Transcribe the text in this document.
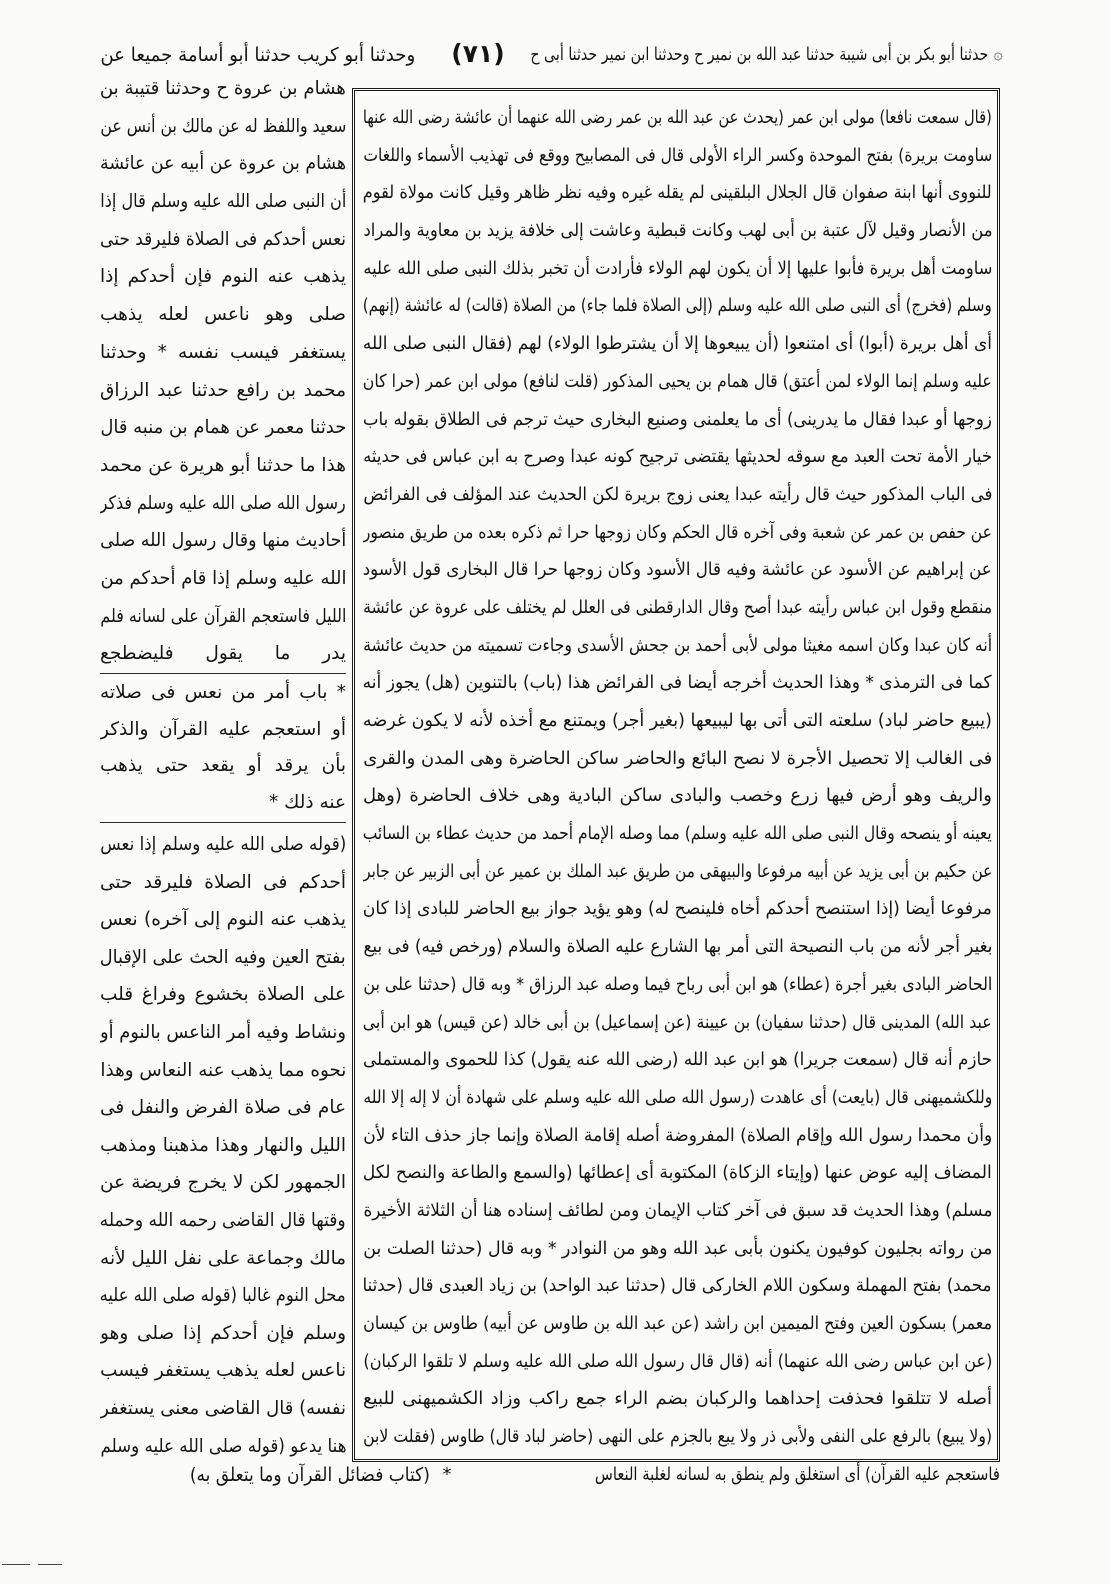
۞
حدثنا أبو بكر بن أبى شيبة حدثنا عبد الله بن نمير ح وحدثنا ابن نمير حدثنا أبى ح
(٧١)
وحدثنا أبو كريب حدثنا أبو أسامة جميعا عن
(قال سمعت نافعا) مولى ابن عمر (يحدث عن عبد الله بن عمر رضى الله عنهما أن عائشة رضى الله عنها
ساومت بريرة) بفتح الموحدة وكسر الراء الأولى قال فى المصابيح ووقع فى تهذيب الأسماء واللغات
للنووى أنها ابنة صفوان قال الجلال البلقينى لم يقله غيره وفيه نظر ظاهر وقيل كانت مولاة لقوم
من الأنصار وقيل لآل عتبة بن أبى لهب وكانت قبطية وعاشت إلى خلافة يزيد بن معاوية والمراد
ساومت أهل بريرة فأبوا عليها إلا أن يكون لهم الولاء فأرادت أن تخبر بذلك النبى صلى الله عليه
وسلم (فخرج) أى النبى صلى الله عليه وسلم (إلى الصلاة فلما جاء) من الصلاة (قالت) له عائشة (إنهم)
أى أهل بريرة (أبوا) أى امتنعوا (أن يبيعوها إلا أن يشترطوا الولاء) لهم (فقال النبى صلى الله
عليه وسلم إنما الولاء لمن أعتق) قال همام بن يحيى المذكور (قلت لنافع) مولى ابن عمر (حرا كان
زوجها أو عبدا فقال ما يدرينى) أى ما يعلمنى وصنيع البخارى حيث ترجم فى الطلاق بقوله باب
خيار الأمة تحت العبد مع سوقه لحديثها يقتضى ترجيح كونه عبدا وصرح به ابن عباس فى حديثه
فى الباب المذكور حيث قال رأيته عبدا يعنى زوج بريرة لكن الحديث عند المؤلف فى الفرائض
عن حفص بن عمر عن شعبة وفى آخره قال الحكم وكان زوجها حرا ثم ذكره بعده من طريق منصور
عن إبراهيم عن الأسود عن عائشة وفيه قال الأسود وكان زوجها حرا قال البخارى قول الأسود
منقطع وقول ابن عباس رأيته عبدا أصح وقال الدارقطنى فى العلل لم يختلف على عروة عن عائشة
أنه كان عبدا وكان اسمه مغيثا مولى لأبى أحمد بن جحش الأسدى وجاءت تسميته من حديث عائشة
كما فى الترمذى * وهذا الحديث أخرجه أيضا فى الفرائض هذا (باب) بالتنوين (هل) يجوز أنه
(يبيع حاضر لباد) سلعته التى أتى بها ليبيعها (بغير أجر) ويمتنع مع أخذه لأنه لا يكون غرضه
فى الغالب إلا تحصيل الأجرة لا نصح البائع والحاضر ساكن الحاضرة وهى المدن والقرى
والريف وهو أرض فيها زرع وخصب والبادى ساكن البادية وهى خلاف الحاضرة (وهل
يعينه أو ينصحه وقال النبى صلى الله عليه وسلم) مما وصله الإمام أحمد من حديث عطاء بن السائب
عن حكيم بن أبى يزيد عن أبيه مرفوعا والبيهقى من طريق عبد الملك بن عمير عن أبى الزبير عن جابر
مرفوعا أيضا (إذا استنصح أحدكم أخاه فلينصح له) وهو يؤيد جواز بيع الحاضر للبادى إذا كان
بغير أجر لأنه من باب النصيحة التى أمر بها الشارع عليه الصلاة والسلام (ورخص فيه) فى بيع
الحاضر البادى بغير أجرة (عطاء) هو ابن أبى رباح فيما وصله عبد الرزاق * وبه قال (حدثنا على بن
عبد الله) المدينى قال (حدثنا سفيان) بن عيينة (عن إسماعيل) بن أبى خالد (عن قيس) هو ابن أبى
حازم أنه قال (سمعت جريرا) هو ابن عبد الله (رضى الله عنه يقول) كذا للحموى والمستملى
وللكشميهنى قال (بايعت) أى عاهدت (رسول الله صلى الله عليه وسلم على شهادة أن لا إله إلا الله
وأن محمدا رسول الله وإقام الصلاة) المفروضة أصله إقامة الصلاة وإنما جاز حذف التاء لأن
المضاف إليه عوض عنها (وإيتاء الزكاة) المكتوبة أى إعطائها (والسمع والطاعة والنصح لكل
مسلم) وهذا الحديث قد سبق فى آخر كتاب الإيمان ومن لطائف إسناده هنا أن الثلاثة الأخيرة
من رواته بجليون كوفيون يكنون بأبى عبد الله وهو من النوادر * وبه قال (حدثنا الصلت بن
محمد) بفتح المهملة وسكون اللام الخاركى قال (حدثنا عبد الواحد) بن زياد العبدى قال (حدثنا
معمر) بسكون العين وفتح الميمين ابن راشد (عن عبد الله بن طاوس عن أبيه) طاوس بن كيسان
(عن ابن عباس رضى الله عنهما) أنه (قال قال رسول الله صلى الله عليه وسلم لا تلقوا الركبان)
أصله لا تتلقوا فحذفت إحداهما والركبان بضم الراء جمع راكب وزاد الكشميهنى للبيع
(ولا يبيع) بالرفع على النفى ولأبى ذر ولا يبع بالجزم على النهى (حاضر لباد قال) طاوس (فقلت لابن
هشام بن عروة ح وحدثنا قتيبة بن
سعيد واللفظ له عن مالك بن أنس عن
هشام بن عروة عن أبيه عن عائشة
أن النبى صلى الله عليه وسلم قال إذا
نعس أحدكم فى الصلاة فليرقد حتى
يذهب عنه النوم فإن أحدكم إذا
صلى وهو ناعس لعله يذهب
يستغفر فيسب نفسه * وحدثنا
محمد بن رافع حدثنا عبد الرزاق
حدثنا معمر عن همام بن منبه قال
هذا ما حدثنا أبو هريرة عن محمد
رسول الله صلى الله عليه وسلم فذكر
أحاديث منها وقال رسول الله صلى
الله عليه وسلم إذا قام أحدكم من
الليل فاستعجم القرآن على لسانه فلم
يدر ما يقول فليضطجع
* باب أمر من نعس فى صلاته
أو استعجم عليه القرآن والذكر
بأن يرقد أو يقعد حتى يذهب
عنه ذلك *
(قوله صلى الله عليه وسلم إذا نعس
أحدكم فى الصلاة فليرقد حتى
يذهب عنه النوم إلى آخره) نعس
بفتح العين وفيه الحث على الإقبال
على الصلاة بخشوع وفراغ قلب
ونشاط وفيه أمر الناعس بالنوم أو
نحوه مما يذهب عنه النعاس وهذا
عام فى صلاة الفرض والنفل فى
الليل والنهار وهذا مذهبنا ومذهب
الجمهور لكن لا يخرج فريضة عن
وقتها قال القاضى رحمه الله وحمله
مالك وجماعة على نفل الليل لأنه
محل النوم غالبا (قوله صلى الله عليه
وسلم فإن أحدكم إذا صلى وهو
ناعس لعله يذهب يستغفر فيسب
نفسه) قال القاضى معنى يستغفر
هنا يدعو (قوله صلى الله عليه وسلم
فاستعجم عليه القرآن) أى استغلق ولم ينطق به لسانه لغلبة النعاس
*
(كتاب فضائل القرآن وما يتعلق به)
